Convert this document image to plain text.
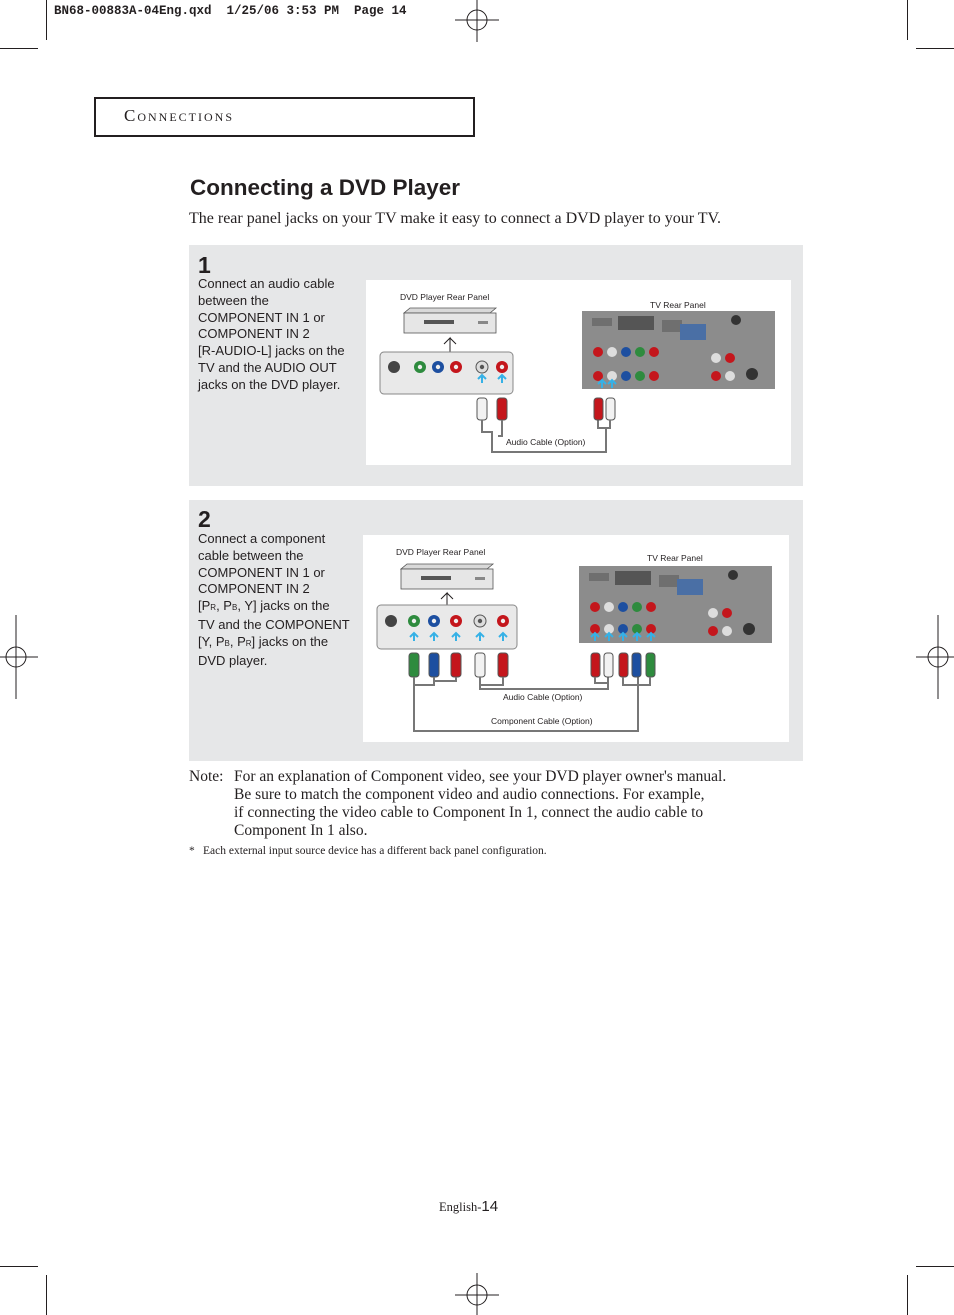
BN68-00883A-04Eng.qxd  1/25/06 3:53 PM  Page 14
Connections
Connecting a DVD Player
The rear panel jacks on your TV make it easy to connect a DVD player to your TV.
1
Connect an audio cable
between the
COMPONENT IN 1 or
COMPONENT IN 2
[R-AUDIO-L] jacks on the
TV and the AUDIO OUT
jacks on the DVD player.
DVD Player Rear Panel
TV Rear Panel
Audio Cable (Option)
2
Connect a component
cable between the
COMPONENT IN 1 or
COMPONENT IN 2
[PR, PB, Y] jacks on the
TV and the COMPONENT
[Y, PB, PR] jacks on the
DVD player.
DVD Player Rear Panel
TV Rear Panel
Audio Cable (Option)
Component Cable (Option)
Note: For an explanation of Component video, see your DVD player owner's manual.
Be sure to match the component video and audio connections. For example,
if connecting the video cable to Component In 1, connect the audio cable to
Component In 1 also.
* Each external input source device has a different back panel configuration.
English-14
